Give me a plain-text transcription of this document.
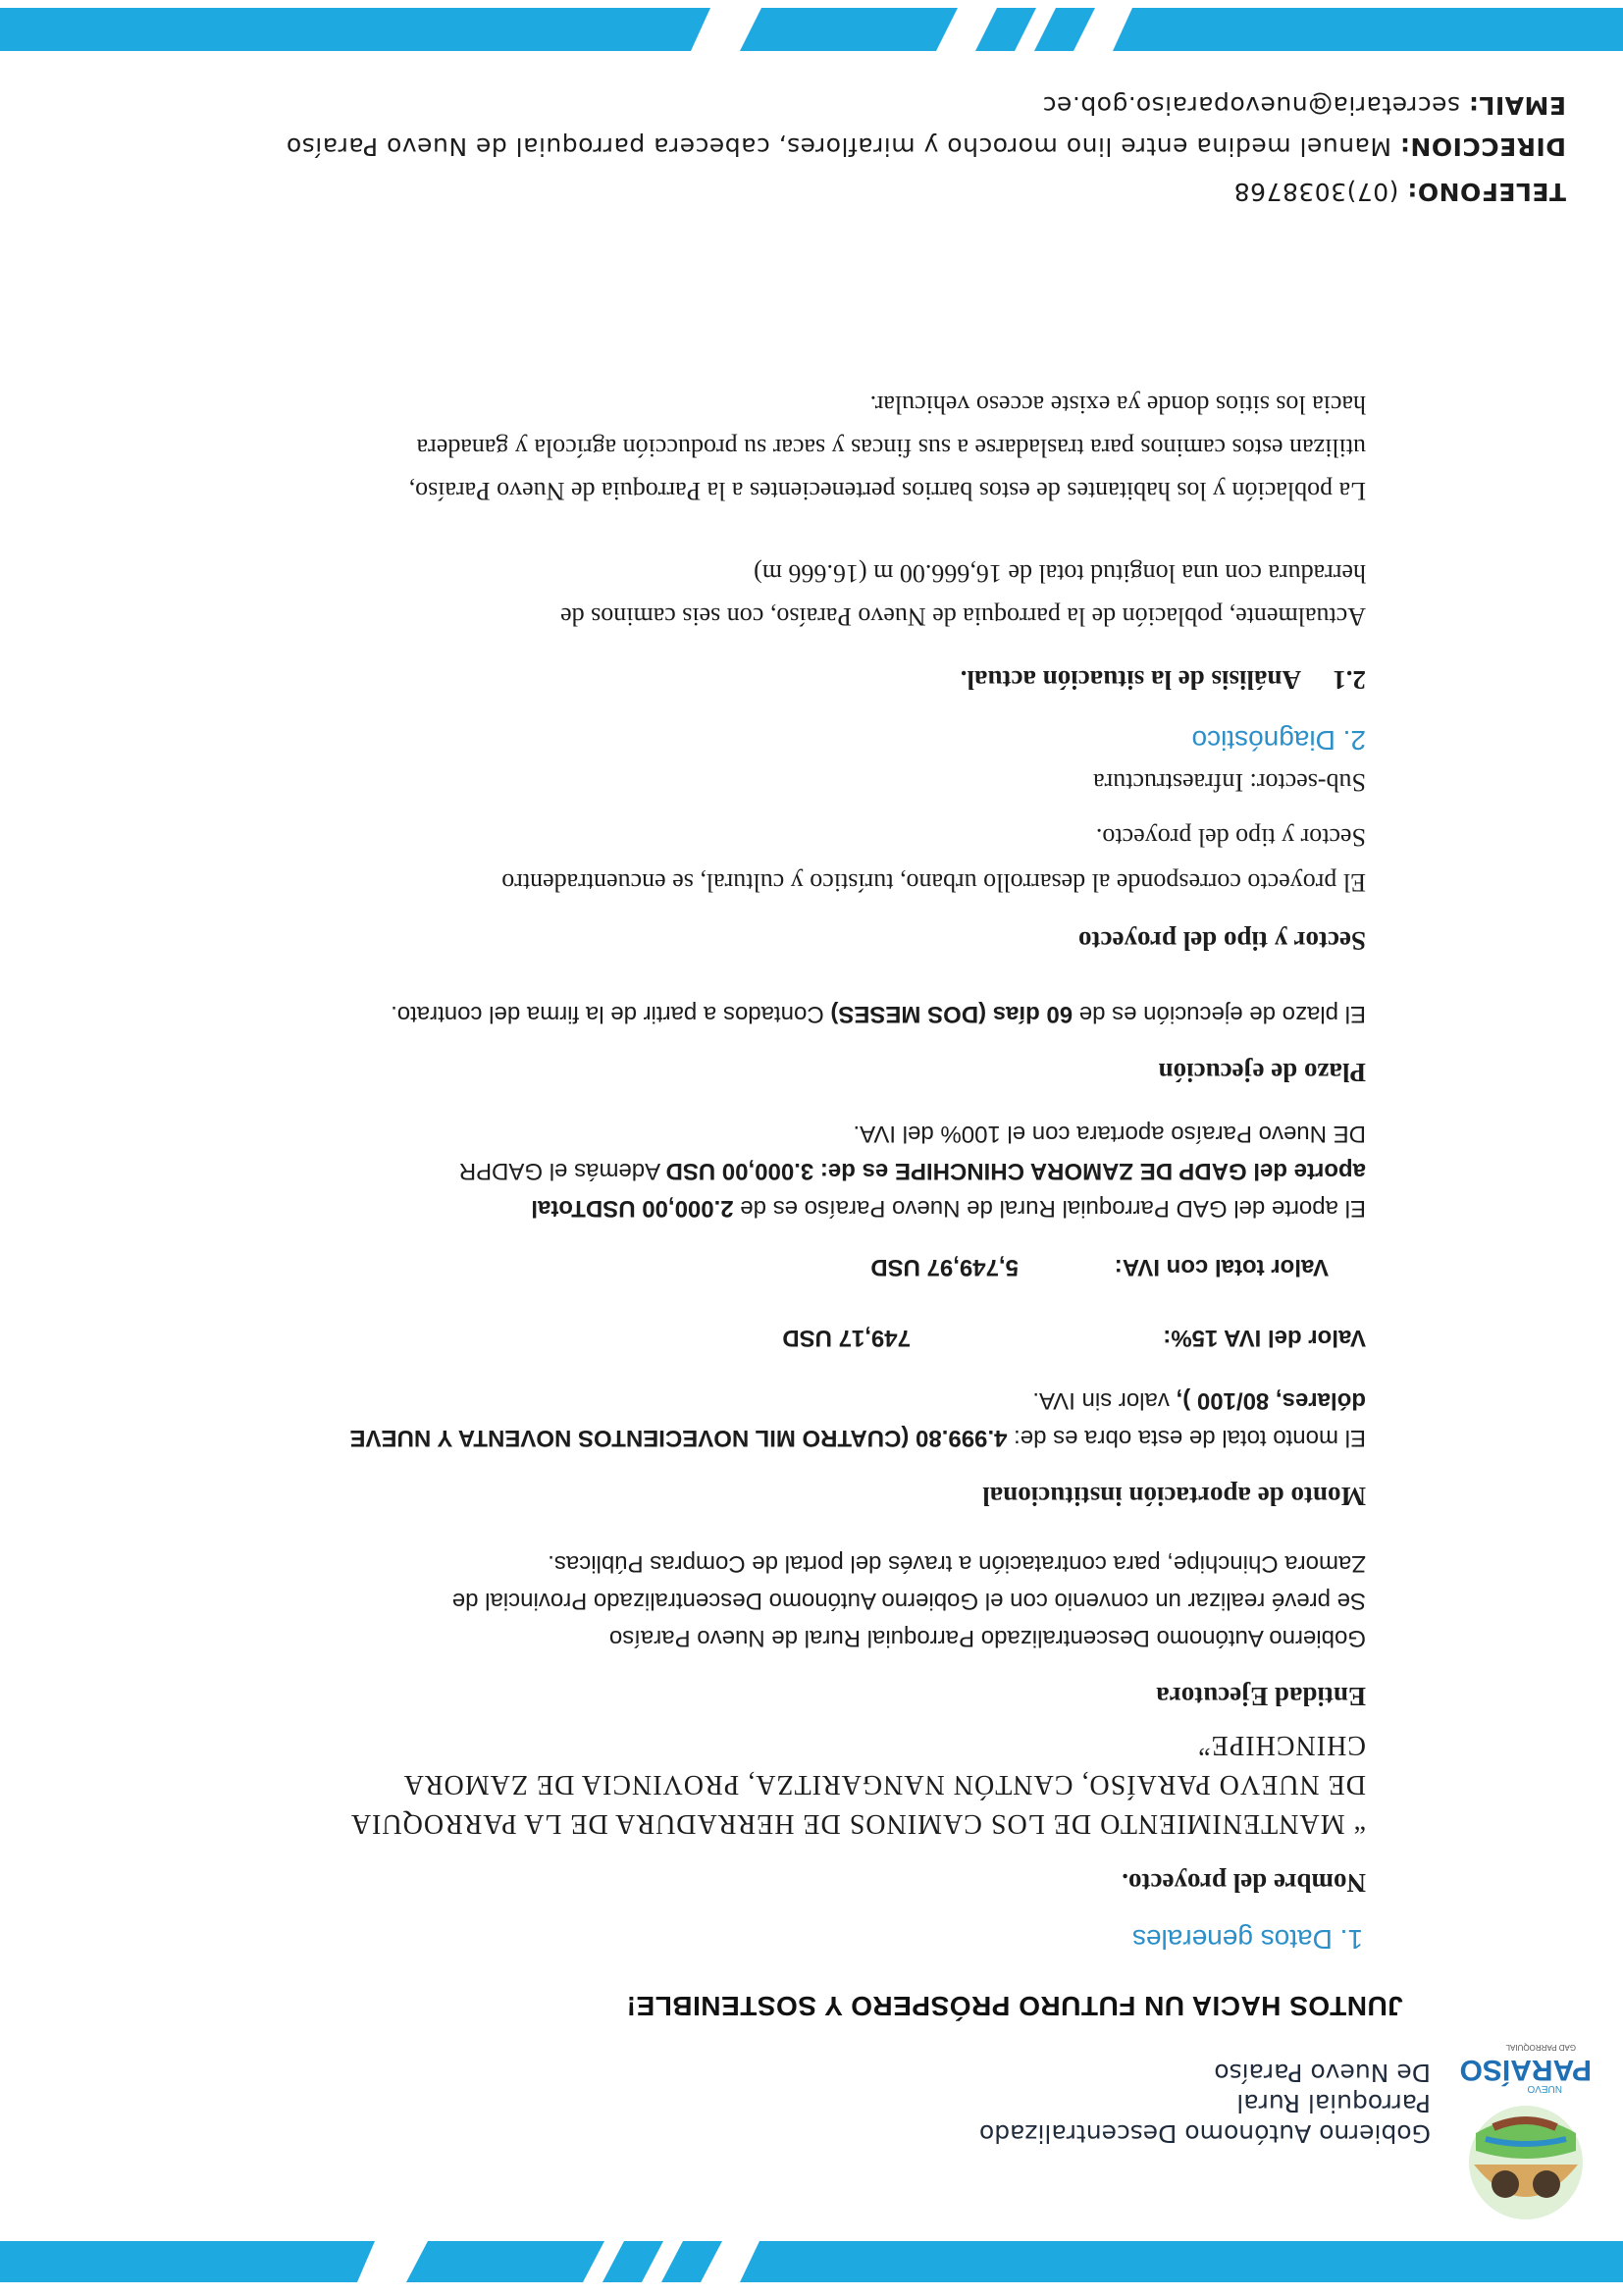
NUEVO
PARAÍSO
GAD PARROQUIAL
Gobierno Autónomo Descentralizado
Parroquial Rural
De Nuevo Paraíso
JUNTOS HACIA UN FUTURO PRÓSPERO Y SOSTENIBLE!
1. Datos generales
Nombre del proyecto.
“ MANTENIMIENTO DE LOS CAMINOS DE HERRADURA DE LA PARROQUIA
DE NUEVO PARAÍSO, CANTÓN NANGARITZA, PROVINCIA DE ZAMORA
CHINCHIPE”
Entidad Ejecutora
Gobierno Autónomo Descentralizado Parroquial Rural de Nuevo Paraíso
Se prevé realizar un convenio con el Gobierno Autónomo Descentralizado Provincial de
Zamora Chinchipe, para contratación a través del portal de Compras Públicas.
Monto de aportación institucional
El monto total de esta obra es de: 4.999.80 (CUATRO MIL NOVECIENTOS NOVENTA Y NUEVE
dólares, 80/100 ), valor sin IVA.
Valor del IVA 15%:
749,17 USD
Valor total con IVA:
5,749,97 USD
El aporte del GAD Parroquial Rural de Nuevo Paraíso es de 2.000,00 USDTotal
aporte del GADP DE ZAMORA CHINCHIPE es de: 3.000,00 USD Además el GADPR
DE Nuevo Paraíso aportara con el 100% del IVA.
Plazo de ejecución
El plazo de ejecución es de 60 días (DOS MESES) Contados a partir de la firma del contrato.
Sector y tipo del proyecto
El proyecto corresponde al desarrollo urbano, turístico y cultural, se encuentradentro
Sector y tipo del proyecto.
Sub-sector: Infraestructura
2. Diagnóstico
2.1
Análisis de la situación actual.
Actualmente, población de la parroquia de Nuevo Paraíso, con seis caminos de
herradura con una longitud total de 16,666.00 m (16.666 m)
La población y los habitantes de estos barrios pertenecientes a la Parroquia de Nuevo Paraíso,
utilizan estos caminos para trasladarse a sus fincas y sacar su producción agrícola y ganadera
hacia los sitios donde ya existe acceso vehicular.
TELEFONO: (07)3038768
DIRECCION: Manuel medina entre lino morocho y miraflores, cabecera parroquial de Nuevo Paraíso
EMAIL: secretaria@nuevoparaiso.gob.ec
